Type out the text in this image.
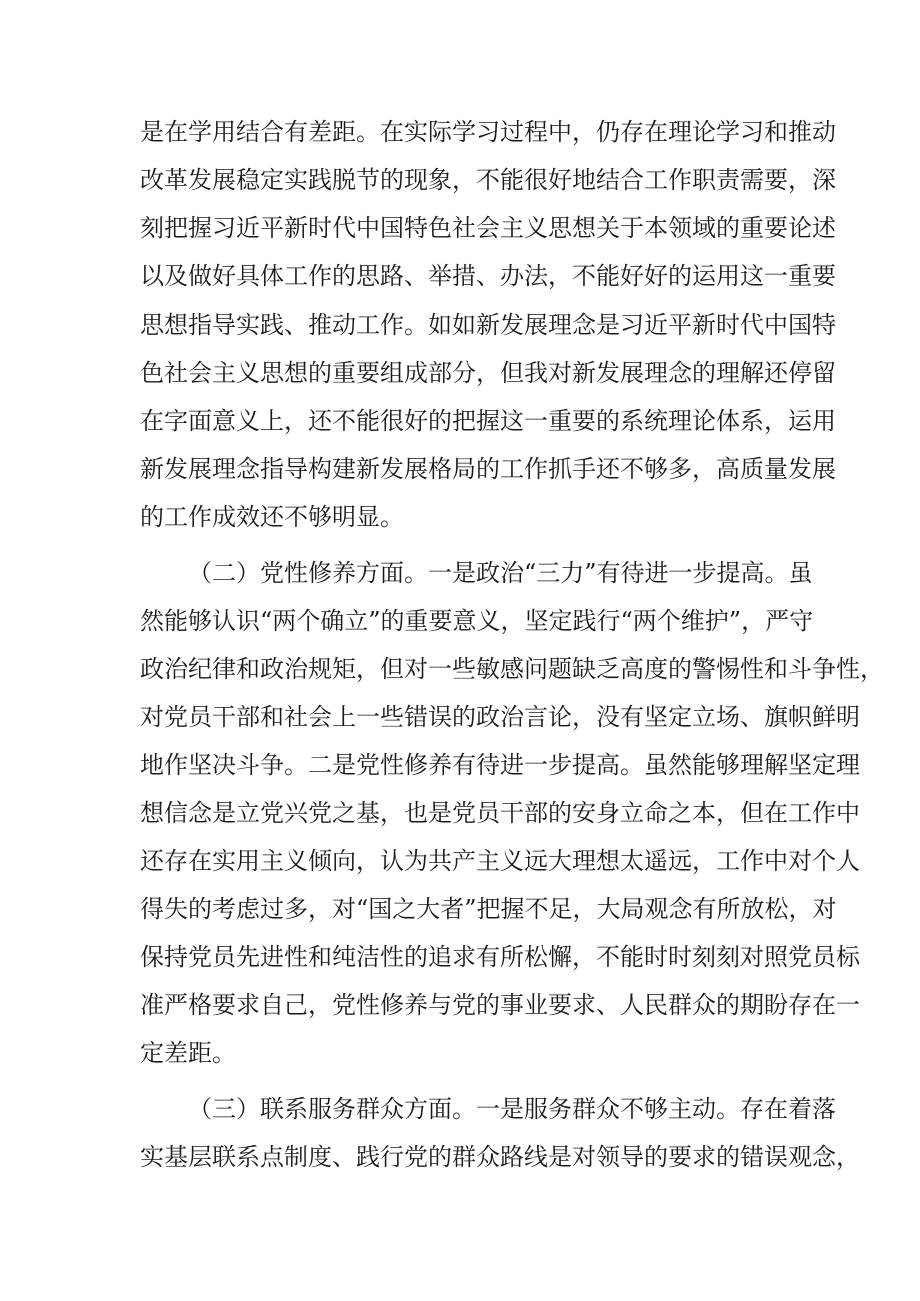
是在学用结合有差距。在实际学习过程中，仍存在理论学习和推动
改革发展稳定实践脱节的现象，不能很好地结合工作职责需要，深
刻把握习近平新时代中国特色社会主义思想关于本领域的重要论述
以及做好具体工作的思路、举措、办法，不能好好的运用这一重要
思想指导实践、推动工作。如如新发展理念是习近平新时代中国特
色社会主义思想的重要组成部分，但我对新发展理念的理解还停留
在字面意义上，还不能很好的把握这一重要的系统理论体系，运用
新发展理念指导构建新发展格局的工作抓手还不够多，高质量发展
的工作成效还不够明显。
（二）党性修养方面。一是政治“三力”有待进一步提高。虽
然能够认识“两个确立”的重要意义，坚定践行“两个维护”，严守
政治纪律和政治规矩，但对一些敏感问题缺乏高度的警惕性和斗争性，
对党员干部和社会上一些错误的政治言论，没有坚定立场、旗帜鲜明
地作坚决斗争。二是党性修养有待进一步提高。虽然能够理解坚定理
想信念是立党兴党之基，也是党员干部的安身立命之本，但在工作中
还存在实用主义倾向，认为共产主义远大理想太遥远，工作中对个人
得失的考虑过多，对“国之大者”把握不足，大局观念有所放松，对
保持党员先进性和纯洁性的追求有所松懈，不能时时刻刻对照党员标
准严格要求自己，党性修养与党的事业要求、人民群众的期盼存在一
定差距。
（三）联系服务群众方面。一是服务群众不够主动。存在着落
实基层联系点制度、践行党的群众路线是对领导的要求的错误观念，
